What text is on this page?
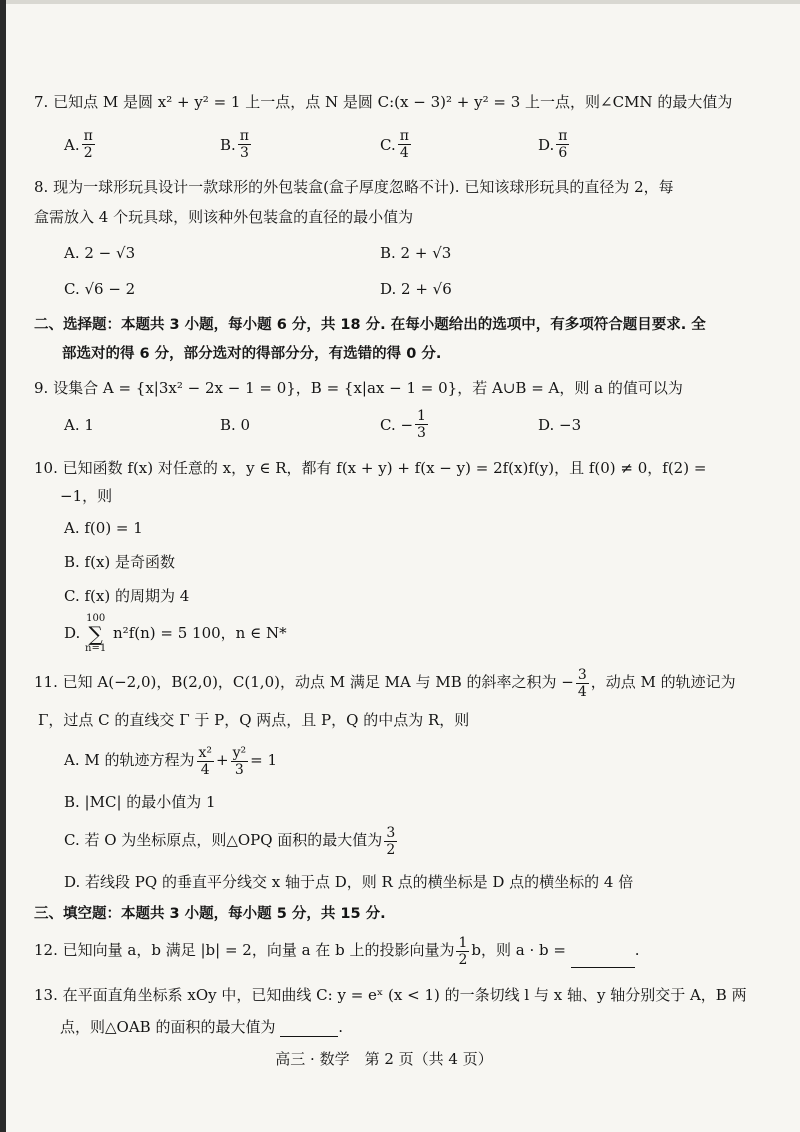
7. 已知点 M 是圆 x² + y² = 1 上一点，点 N 是圆 C:(x − 3)² + y² = 3 上一点，则∠CMN 的最大值为
A. $\frac{\pi}{2}$	B. $\frac{\pi}{3}$	C. $\frac{\pi}{4}$	D. $\frac{\pi}{6}$
8. 现为一球形玩具设计一款球形的外包装盒(盒子厚度忽略不计). 已知该球形玩具的直径为 2，每
盒需放入 4 个玩具球，则该种外包装盒的直径的最小值为
A. 2 − √3	B. 2 + √3
C. √6 − 2	D. 2 + √6
二、选择题：本题共 3 小题，每小题 6 分，共 18 分. 在每小题给出的选项中，有多项符合题目要求. 全
部选对的得 6 分，部分选对的得部分分，有选错的得 0 分.
9. 设集合 A = {x|3x² − 2x − 1 = 0}，B = {x|ax − 1 = 0}，若 A∪B = A，则 a 的值可以为
A. 1	B. 0	C. − $\frac{1}{3}$	D. −3
10. 已知函数 f(x) 对任意的 x，y ∈ R，都有 f(x + y) + f(x − y) = 2f(x)f(y)，且 f(0) ≠ 0，f(2) =
−1，则
A. f(0) = 1
B. f(x) 是奇函数
C. f(x) 的周期为 4
D.
100
∑
n=1
n²f(n) = 5 100，n ∈ N*
11. 已知 A(−2,0)，B(2,0)，C(1,0)，动点 M 满足 MA 与 MB 的斜率之积为 − $\frac{3}{4}$ ，动点 M 的轨迹记为
Γ，过点 C 的直线交 Γ 于 P，Q 两点，且 P，Q 的中点为 R，则
A. M 的轨迹方程为 $\frac{\text{x²}}{4} + \frac{\text{y²}}{3} = 1$
B. |MC| 的最小值为 1
C. 若 O 为坐标原点，则△OPQ 面积的最大值为 $\frac{3}{2}$
D. 若线段 PQ 的垂直平分线交 x 轴于点 D，则 R 点的横坐标是 D 点的横坐标的 4 倍
三、填空题：本题共 3 小题，每小题 5 分，共 15 分.
12. 已知向量 a，b 满足 |b| = 2，向量 a 在 b 上的投影向量为 $\frac{1}{2}$ b，则 a · b =	.
13. 在平面直角坐标系 xOy 中，已知曲线 C: y = eˣ (x < 1) 的一条切线 l 与 x 轴、y 轴分别交于 A，B 两
点，则△OAB 的面积的最大值为	.
高三 · 数学　第 2 页（共 4 页）
